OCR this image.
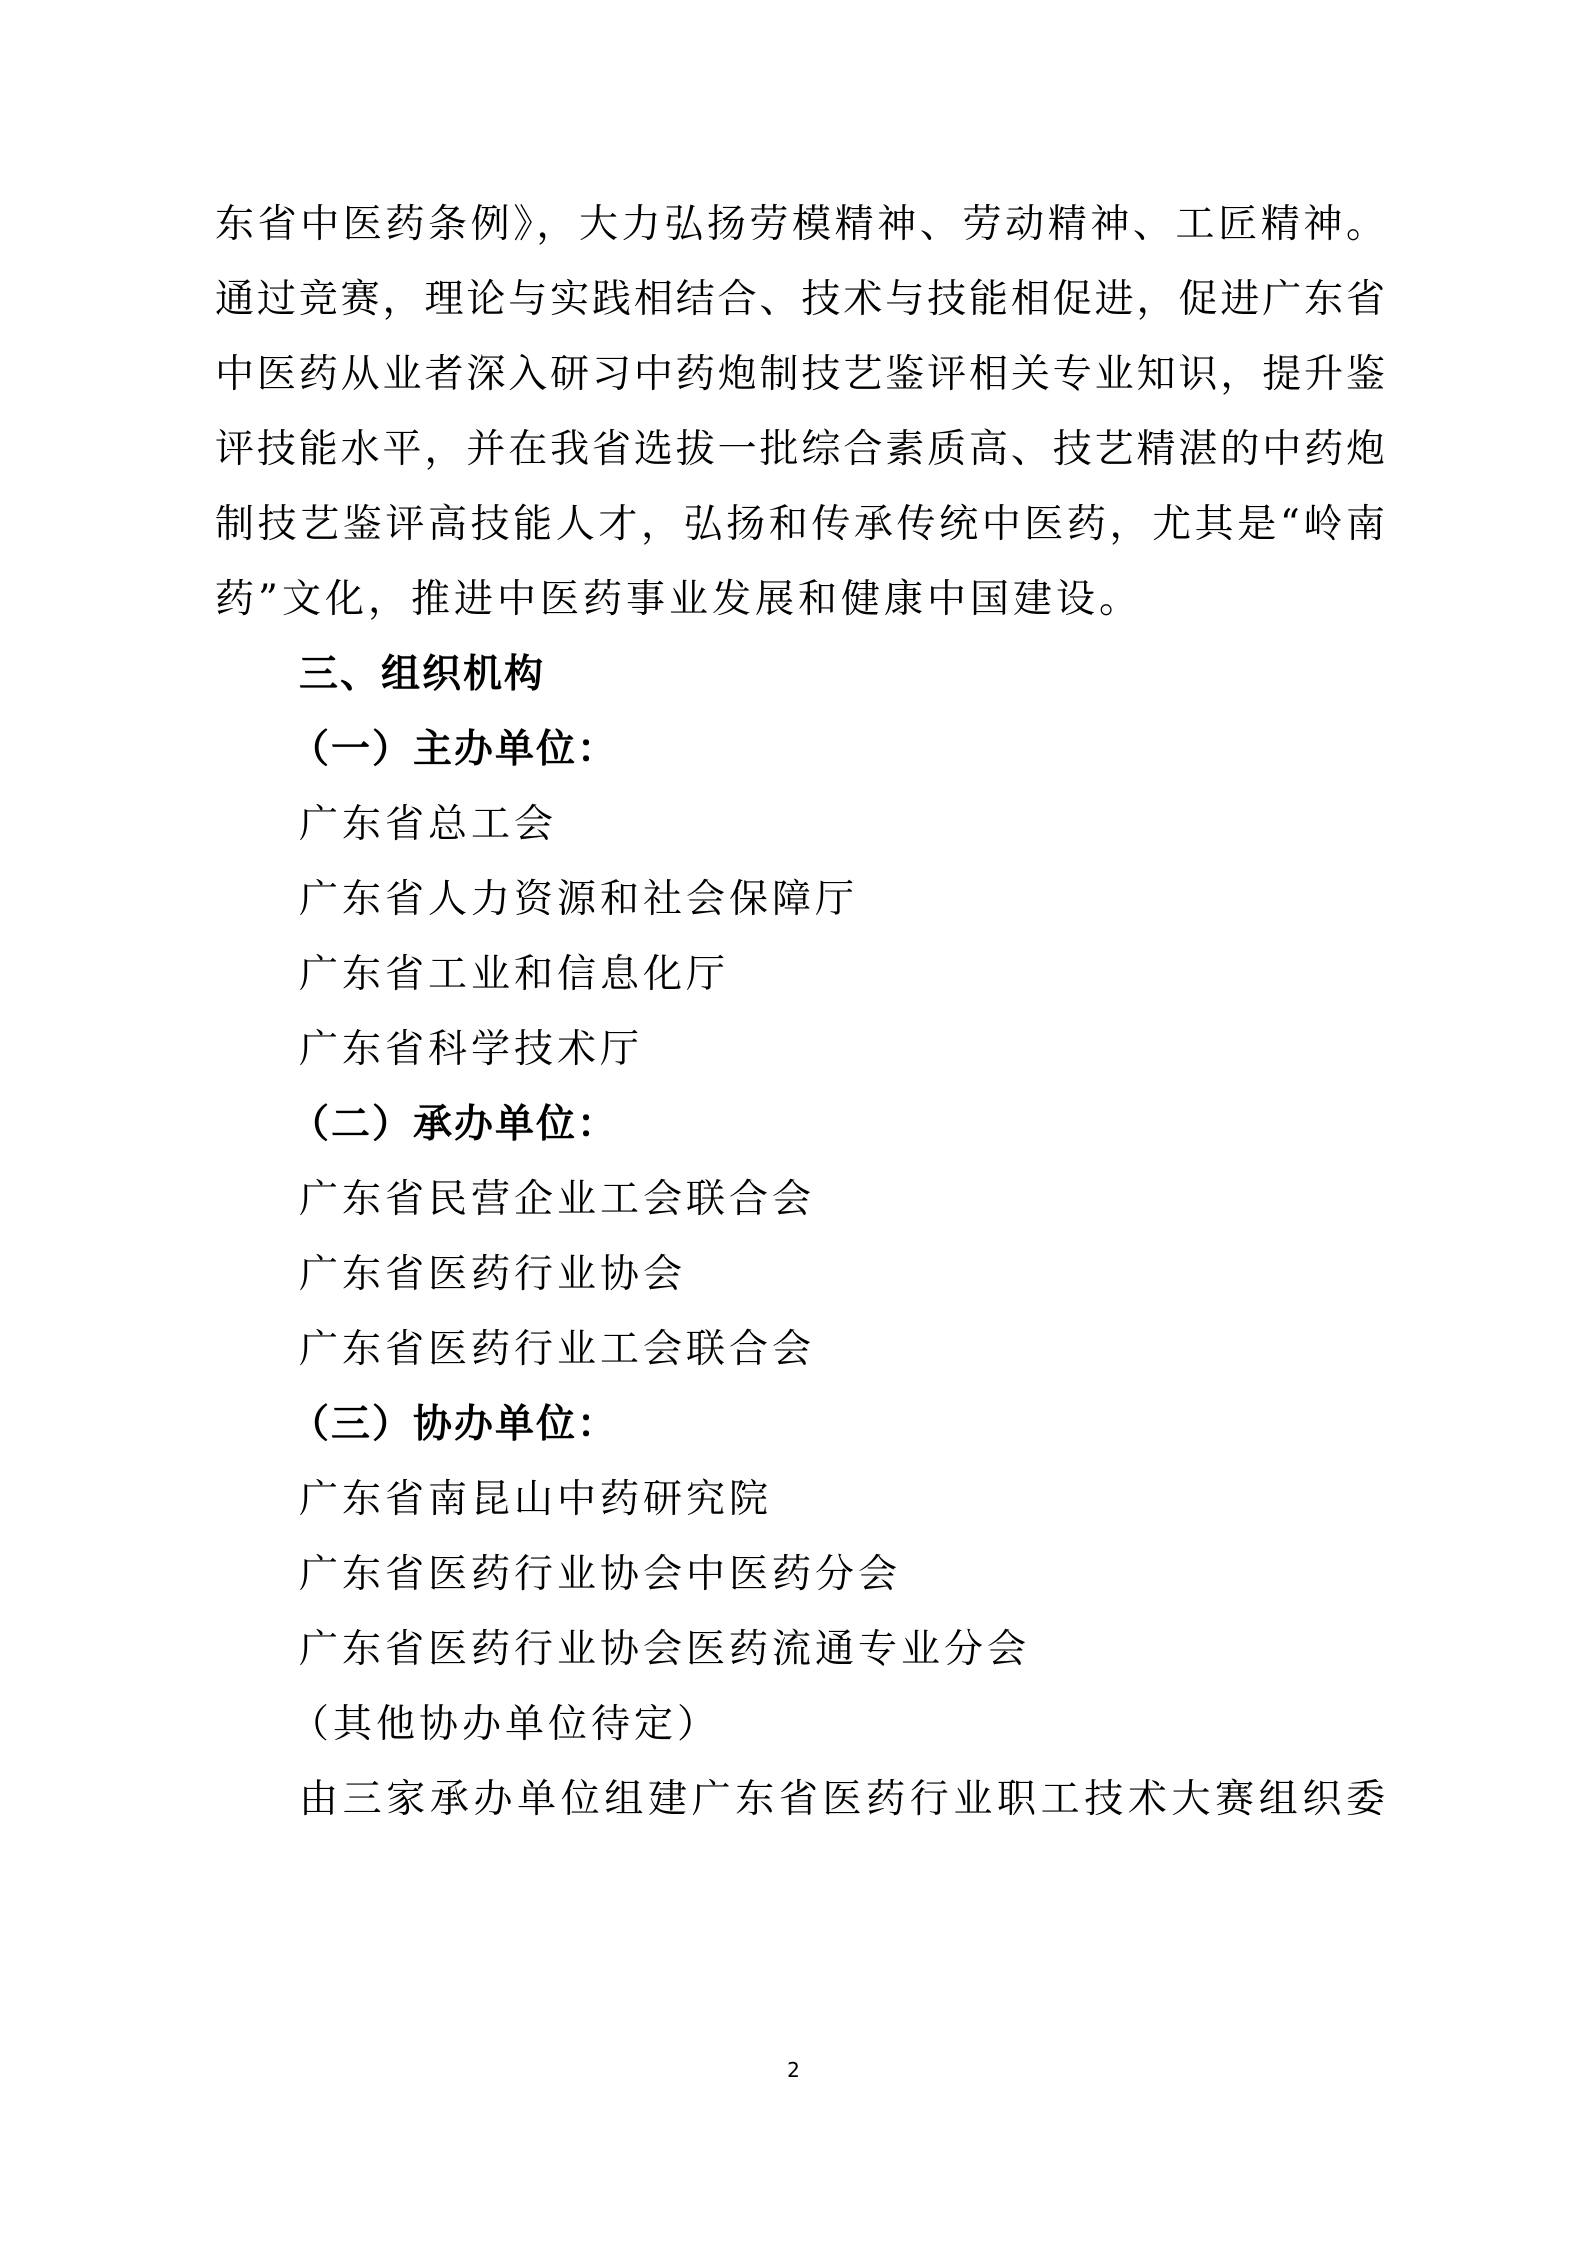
东省中医药条例》，大力弘扬劳模精神、劳动精神、工匠精神。
通过竞赛，理论与实践相结合、技术与技能相促进，促进广东省
中医药从业者深入研习中药炮制技艺鉴评相关专业知识，提升鉴
评技能水平，并在我省选拔一批综合素质高、技艺精湛的中药炮
制技艺鉴评高技能人才，弘扬和传承传统中医药，尤其是“岭南
药”文化，推进中医药事业发展和健康中国建设。
三、组织机构
（一）主办单位：
广东省总工会
广东省人力资源和社会保障厅
广东省工业和信息化厅
广东省科学技术厅
（二）承办单位：
广东省民营企业工会联合会
广东省医药行业协会
广东省医药行业工会联合会
（三）协办单位：
广东省南昆山中药研究院
广东省医药行业协会中医药分会
广东省医药行业协会医药流通专业分会
（其他协办单位待定）
由三家承办单位组建广东省医药行业职工技术大赛组织委
2
